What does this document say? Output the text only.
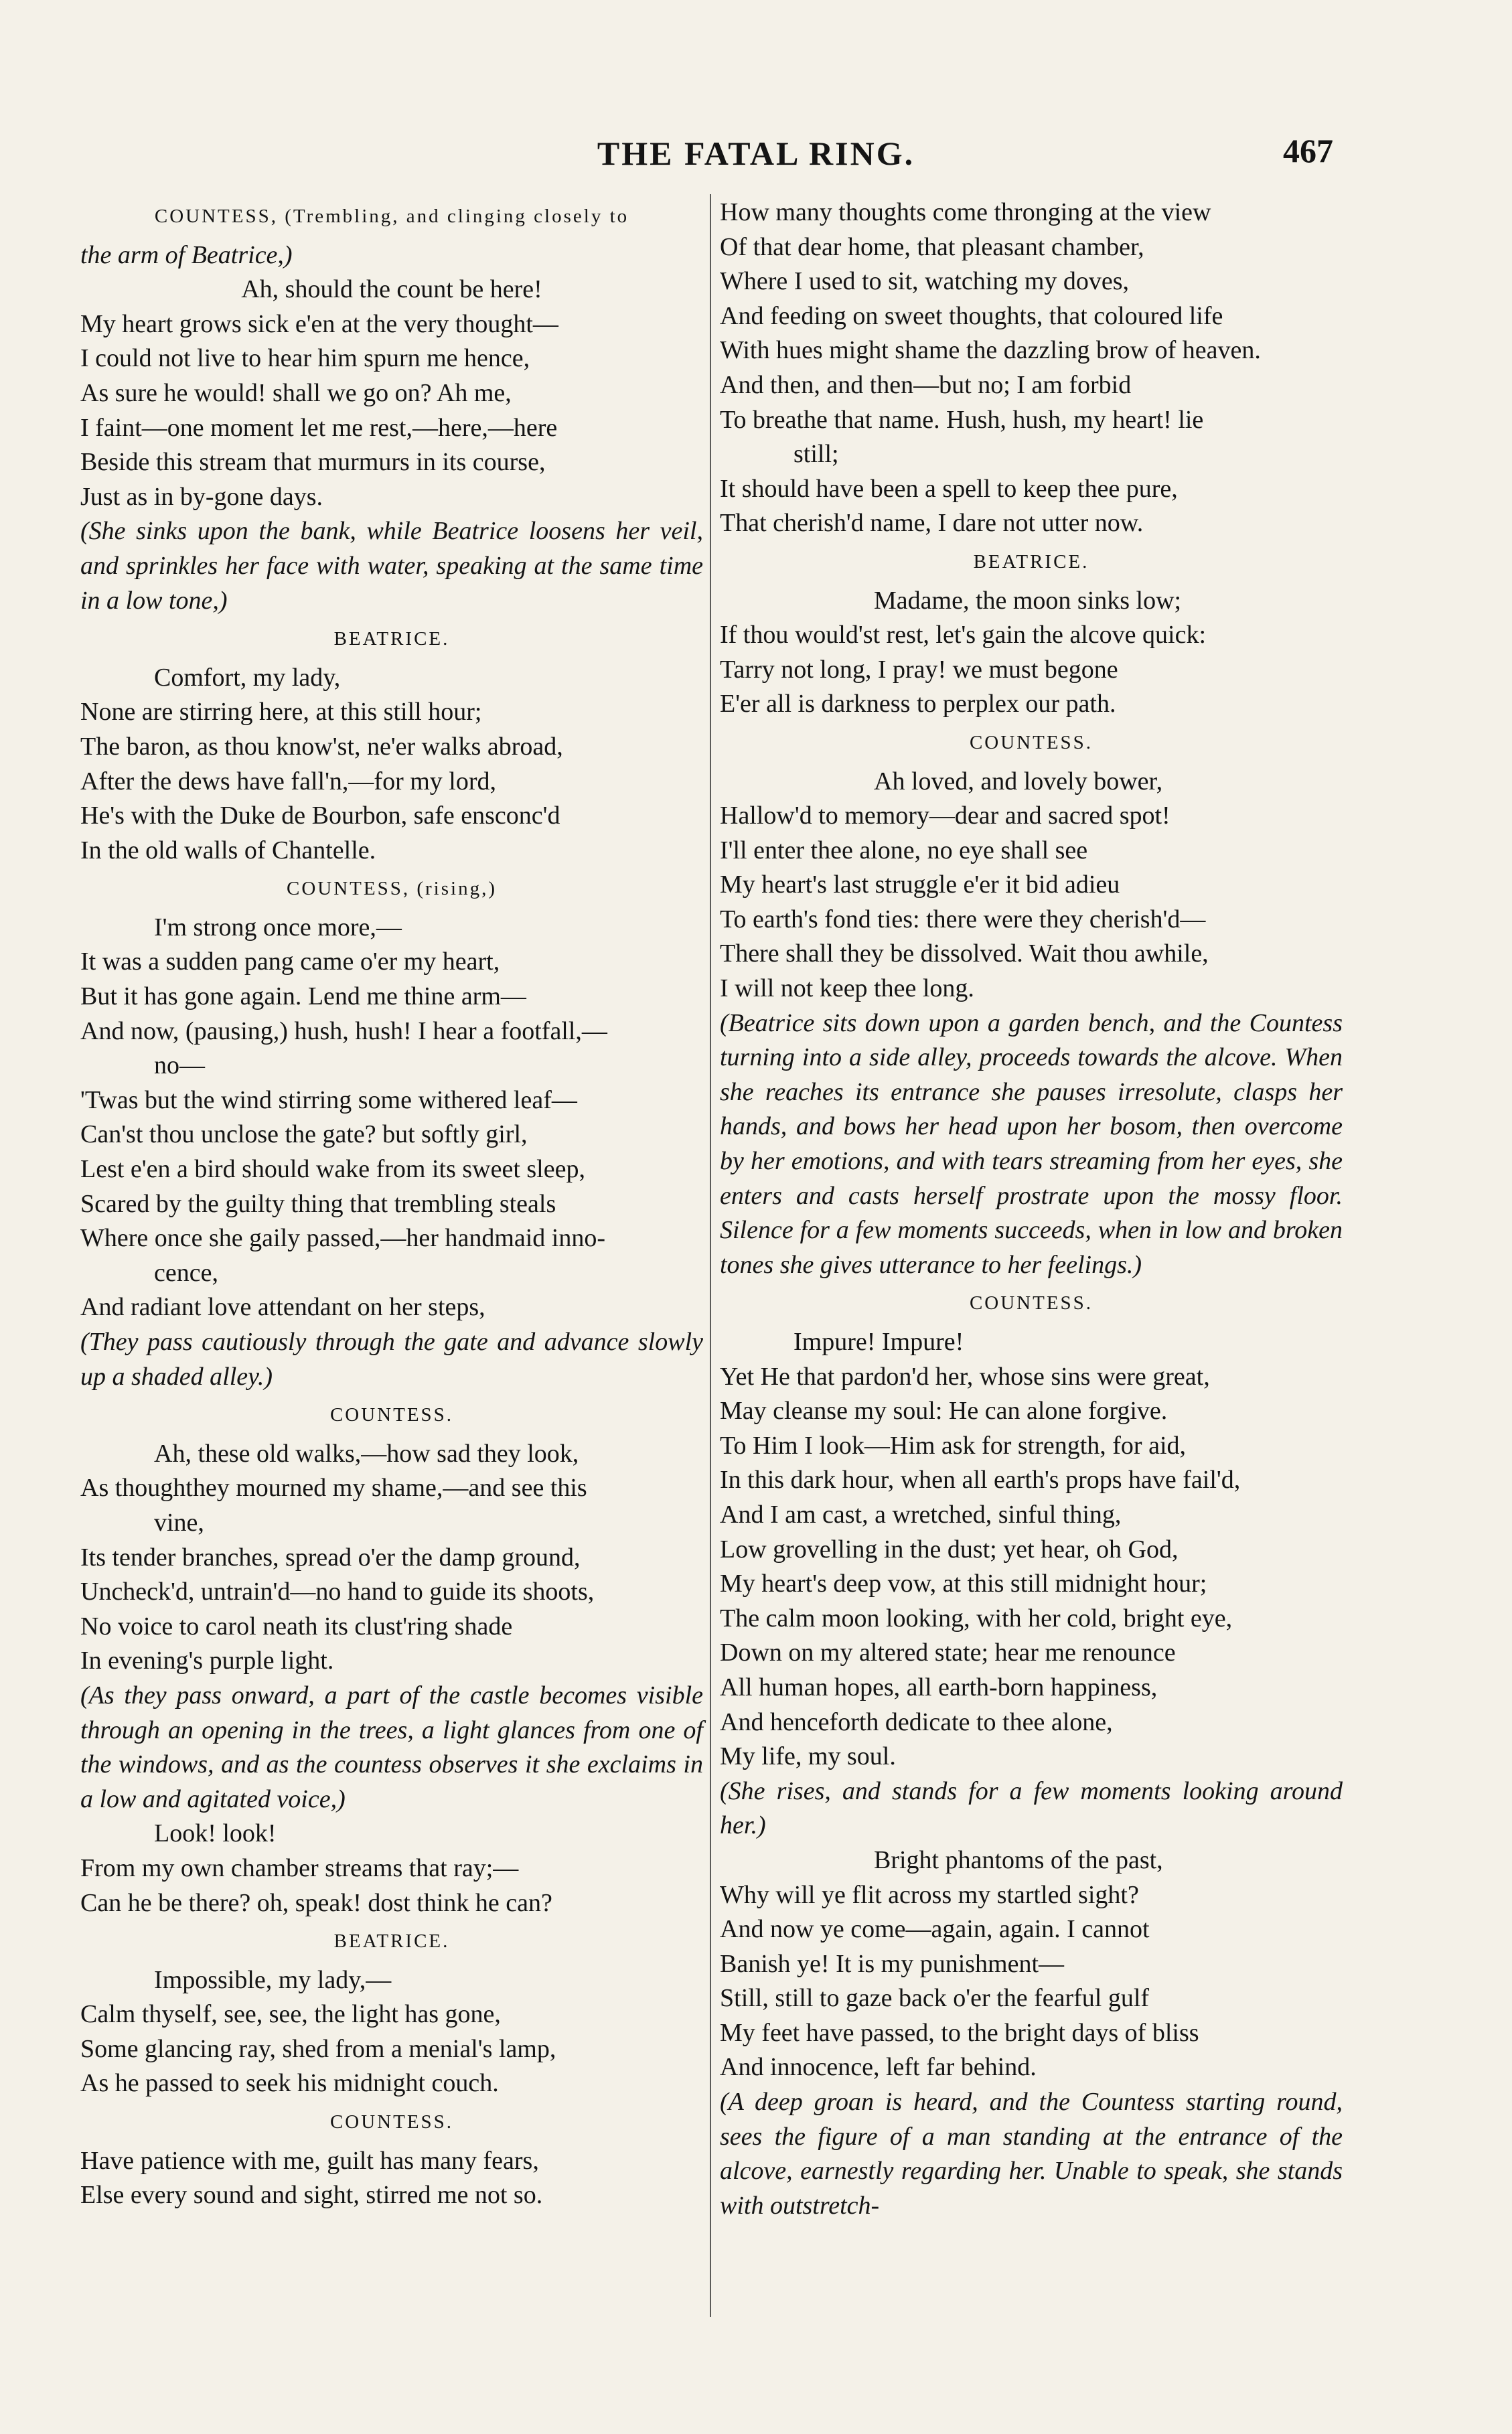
THE FATAL RING.	467
COUNTESS, (Trembling, and clinging closely to
the arm of Beatrice,)
Ah, should the count be here!
My heart grows sick e'en at the very thought—
I could not live to hear him spurn me hence,
As sure he would! shall we go on? Ah me,
I faint—one moment let me rest,—here,—here
Beside this stream that murmurs in its course,
Just as in by-gone days.
(She sinks upon the bank, while Beatrice loosens her veil, and sprinkles her face with water, speaking at the same time in a low tone,)
BEATRICE.
Comfort, my lady,
None are stirring here, at this still hour;
The baron, as thou know'st, ne'er walks abroad,
After the dews have fall'n,—for my lord,
He's with the Duke de Bourbon, safe ensconc'd
In the old walls of Chantelle.
COUNTESS, (rising,)
I'm strong once more,—
It was a sudden pang came o'er my heart,
But it has gone again. Lend me thine arm—
And now, (pausing,) hush, hush! I hear a footfall,—
no—
'Twas but the wind stirring some withered leaf—
Can'st thou unclose the gate? but softly girl,
Lest e'en a bird should wake from its sweet sleep,
Scared by the guilty thing that trembling steals
Where once she gaily passed,—her handmaid inno-
cence,
And radiant love attendant on her steps,
(They pass cautiously through the gate and advance slowly up a shaded alley.)
COUNTESS.
Ah, these old walks,—how sad they look,
As thoughthey mourned my shame,—and see this
vine,
Its tender branches, spread o'er the damp ground,
Uncheck'd, untrain'd—no hand to guide its shoots,
No voice to carol neath its clust'ring shade
In evening's purple light.
(As they pass onward, a part of the castle becomes visible through an opening in the trees, a light glances from one of the windows, and as the countess observes it she exclaims in a low and agitated voice,)
Look! look!
From my own chamber streams that ray;—
Can he be there? oh, speak! dost think he can?
BEATRICE.
Impossible, my lady,—
Calm thyself, see, see, the light has gone,
Some glancing ray, shed from a menial's lamp,
As he passed to seek his midnight couch.
COUNTESS.
Have patience with me, guilt has many fears,
Else every sound and sight, stirred me not so.
How many thoughts come thronging at the view
Of that dear home, that pleasant chamber,
Where I used to sit, watching my doves,
And feeding on sweet thoughts, that coloured life
With hues might shame the dazzling brow of heaven.
And then, and then—but no; I am forbid
To breathe that name. Hush, hush, my heart! lie
still;
It should have been a spell to keep thee pure,
That cherish'd name, I dare not utter now.
BEATRICE.
Madame, the moon sinks low;
If thou would'st rest, let's gain the alcove quick:
Tarry not long, I pray! we must begone
E'er all is darkness to perplex our path.
COUNTESS.
Ah loved, and lovely bower,
Hallow'd to memory—dear and sacred spot!
I'll enter thee alone, no eye shall see
My heart's last struggle e'er it bid adieu
To earth's fond ties: there were they cherish'd—
There shall they be dissolved. Wait thou awhile,
I will not keep thee long.
(Beatrice sits down upon a garden bench, and the Countess turning into a side alley, proceeds towards the alcove. When she reaches its entrance she pauses irresolute, clasps her hands, and bows her head upon her bosom, then overcome by her emotions, and with tears streaming from her eyes, she enters and casts herself prostrate upon the mossy floor. Silence for a few moments succeeds, when in low and broken tones she gives utterance to her feelings.)
COUNTESS.
Impure! Impure!
Yet He that pardon'd her, whose sins were great,
May cleanse my soul: He can alone forgive.
To Him I look—Him ask for strength, for aid,
In this dark hour, when all earth's props have fail'd,
And I am cast, a wretched, sinful thing,
Low grovelling in the dust; yet hear, oh God,
My heart's deep vow, at this still midnight hour;
The calm moon looking, with her cold, bright eye,
Down on my altered state; hear me renounce
All human hopes, all earth-born happiness,
And henceforth dedicate to thee alone,
My life, my soul.
(She rises, and stands for a few moments looking around her.)
Bright phantoms of the past,
Why will ye flit across my startled sight?
And now ye come—again, again. I cannot
Banish ye! It is my punishment—
Still, still to gaze back o'er the fearful gulf
My feet have passed, to the bright days of bliss
And innocence, left far behind.
(A deep groan is heard, and the Countess starting round, sees the figure of a man standing at the entrance of the alcove, earnestly regarding her. Unable to speak, she stands with outstretch-
